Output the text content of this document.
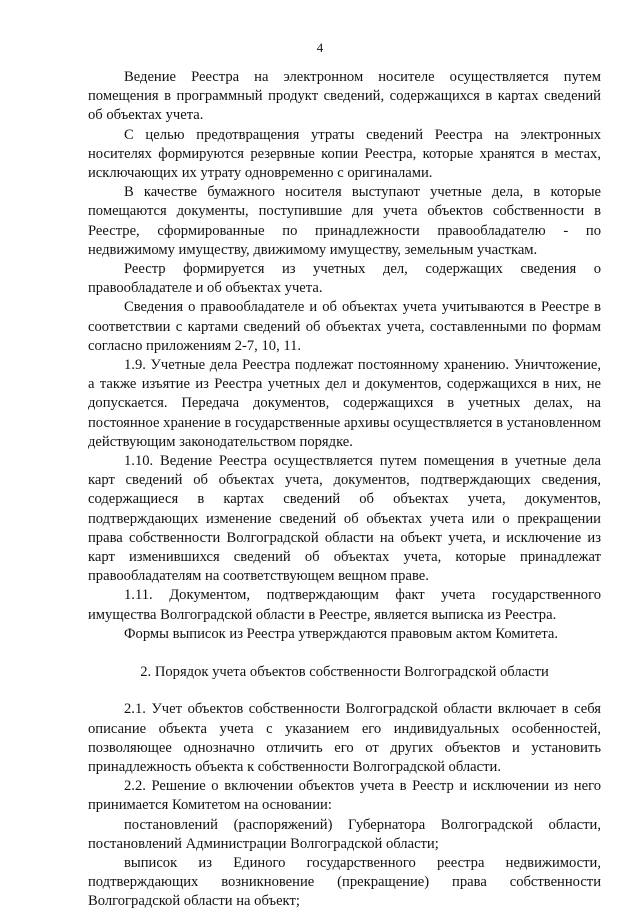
4

Ведение Реестра на электронном носителе осуществляется путем помещения в программный продукт сведений, содержащихся в картах сведений об объектах учета.

С целью предотвращения утраты сведений Реестра на электронных носителях формируются резервные копии Реестра, которые хранятся в местах, исключающих их утрату одновременно с оригиналами.

В качестве бумажного носителя выступают учетные дела, в которые помещаются документы, поступившие для учета объектов собственности в Реестре, сформированные по принадлежности правообладателю - по недвижимому имуществу, движимому имуществу, земельным участкам.

Реестр формируется из учетных дел, содержащих сведения о правообладателе и об объектах учета.

Сведения о правообладателе и об объектах учета учитываются в Реестре в соответствии с картами сведений об объектах учета, составленными по формам согласно приложениям 2-7, 10, 11.

1.9. Учетные дела Реестра подлежат постоянному хранению. Уничтожение, а также изъятие из Реестра учетных дел и документов, содержащихся в них, не допускается. Передача документов, содержащихся в учетных делах, на постоянное хранение в государственные архивы осуществляется в установленном действующим законодательством порядке.

1.10. Ведение Реестра осуществляется путем помещения в учетные дела карт сведений об объектах учета, документов, подтверждающих сведения, содержащиеся в картах сведений об объектах учета, документов, подтверждающих изменение сведений об объектах учета или о прекращении права собственности Волгоградской области на объект учета, и исключение из карт изменившихся сведений об объектах учета, которые принадлежат правообладателям на соответствующем вещном праве.

1.11. Документом, подтверждающим факт учета государственного имущества Волгоградской области в Реестре, является выписка из Реестра.

Формы выписок из Реестра утверждаются правовым актом Комитета.

2. Порядок учета объектов собственности Волгоградской области

2.1. Учет объектов собственности Волгоградской области включает в себя описание объекта учета с указанием его индивидуальных особенностей, позволяющее однозначно отличить его от других объектов и установить принадлежность объекта к собственности Волгоградской области.

2.2. Решение о включении объектов учета в Реестр и исключении из него принимается Комитетом на основании:

постановлений (распоряжений) Губернатора Волгоградской области, постановлений Администрации Волгоградской области;

выписок из Единого государственного реестра недвижимости, подтверждающих возникновение (прекращение) права собственности Волгоградской области на объект;
